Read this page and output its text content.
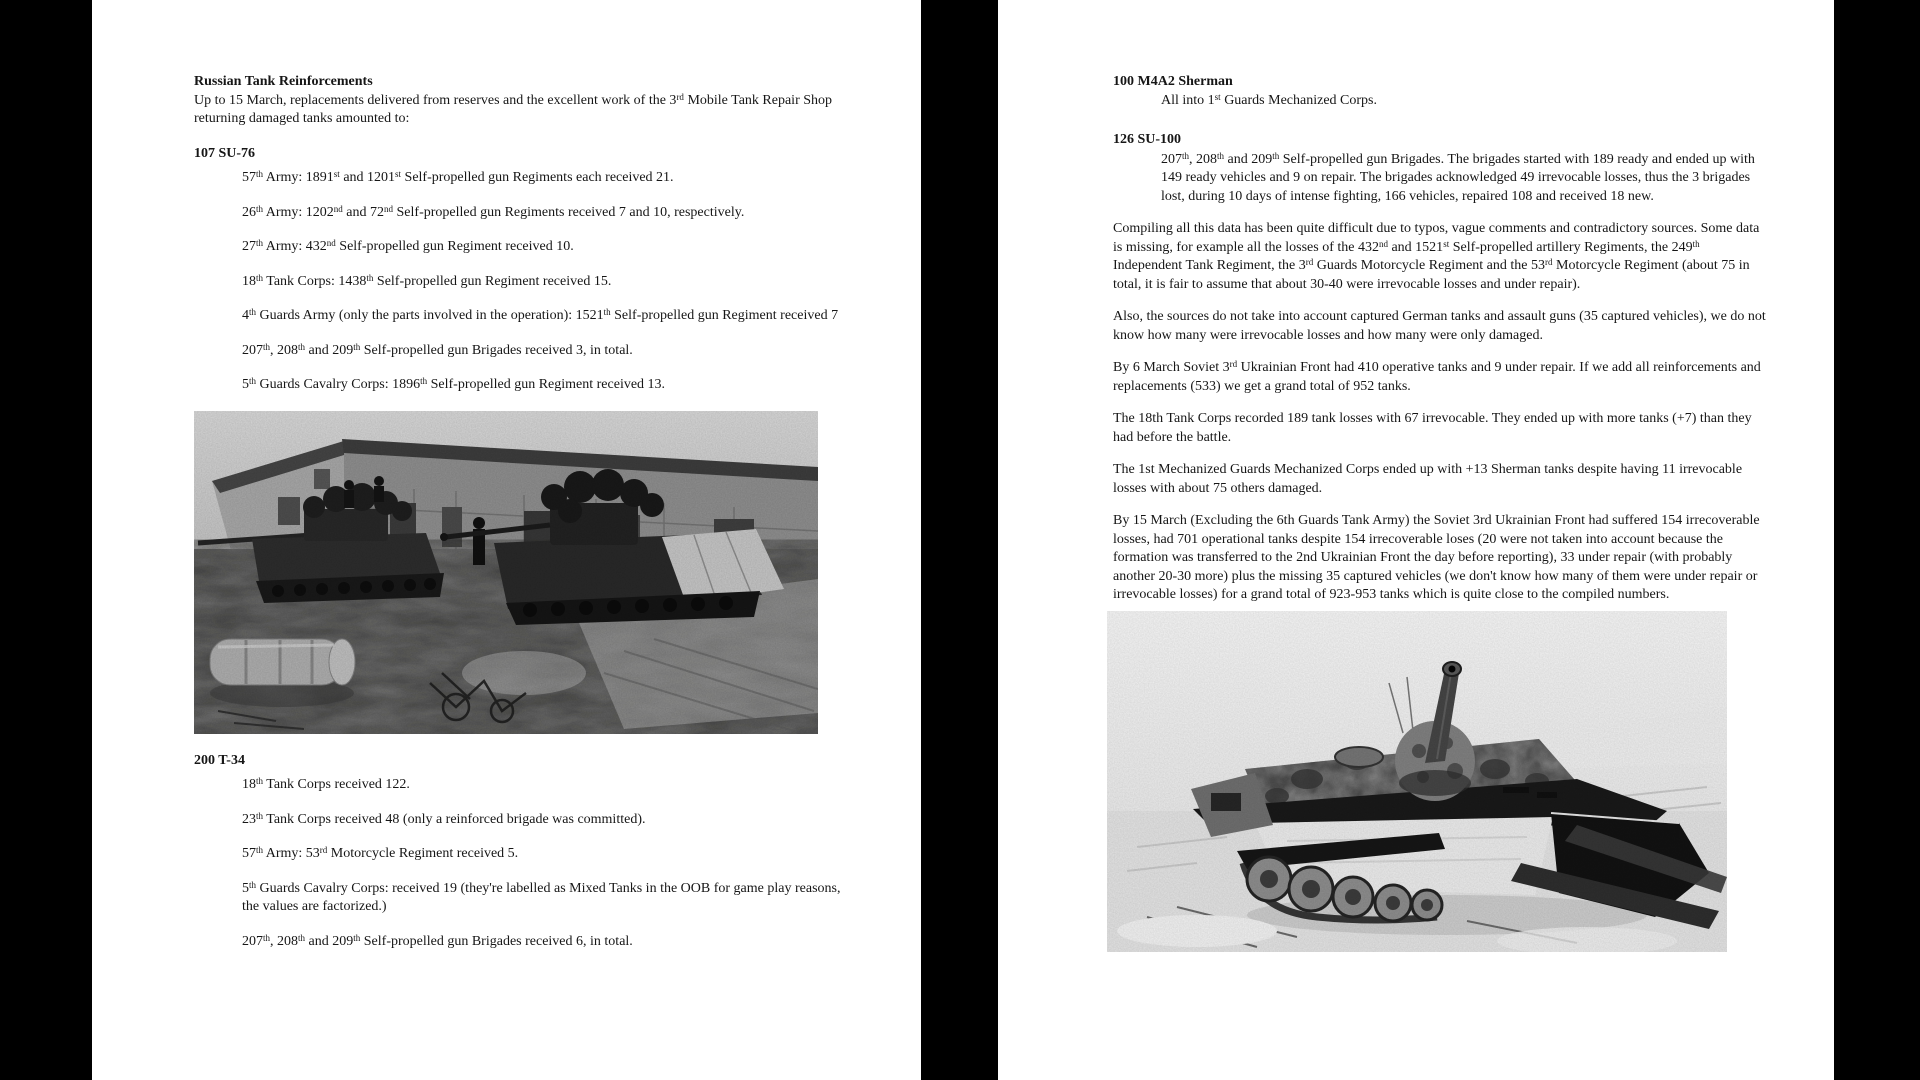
Russian Tank Reinforcements

Up to 15 March, replacements delivered from reserves and the excellent work of the 3rd Mobile Tank Repair Shop returning damaged tanks amounted to:

107 SU-76

57th Army: 1891st and 1201st Self-propelled gun Regiments each received 21.

26th Army: 1202nd and 72nd Self-propelled gun Regiments received 7 and 10, respectively.

27th Army: 432nd Self-propelled gun Regiment received 10.

18th Tank Corps: 1438th Self-propelled gun Regiment received 15.

4th Guards Army (only the parts involved in the operation): 1521th Self-propelled gun Regiment received 7

207th, 208th and 209th Self-propelled gun Brigades received 3, in total.

5th Guards Cavalry Corps: 1896th Self-propelled gun Regiment received 13.

200 T-34

18th Tank Corps received 122.

23th Tank Corps received 48 (only a reinforced brigade was committed).

57th Army: 53rd Motorcycle Regiment received 5.

5th Guards Cavalry Corps: received 19 (they're labelled as Mixed Tanks in the OOB for game play reasons, the values are factorized.)

207th, 208th and 209th Self-propelled gun Brigades received 6, in total.

100 M4A2 Sherman

All into 1st Guards Mechanized Corps.

126 SU-100

207th, 208th and 209th Self-propelled gun Brigades. The brigades started with 189 ready and ended up with 149 ready vehicles and 9 on repair. The brigades acknowledged 49 irrevocable losses, thus the 3 brigades lost, during 10 days of intense fighting, 166 vehicles, repaired 108 and received 18 new.

Compiling all this data has been quite difficult due to typos, vague comments and contradictory sources. Some data is missing, for example all the losses of the 432nd and 1521st Self-propelled artillery Regiments, the 249th Independent Tank Regiment, the 3rd Guards Motorcycle Regiment and the 53rd Motorcycle Regiment (about 75 in total, it is fair to assume that about 30-40 were irrevocable losses and under repair).

Also, the sources do not take into account captured German tanks and assault guns (35 captured vehicles), we do not know how many were irrevocable losses and how many were only damaged.

By 6 March Soviet 3rd Ukrainian Front had 410 operative tanks and 9 under repair. If we add all reinforcements and replacements (533) we get a grand total of 952 tanks.

The 18th Tank Corps recorded 189 tank losses with 67 irrevocable. They ended up with more tanks (+7) than they had before the battle.

The 1st Mechanized Guards Mechanized Corps ended up with +13 Sherman tanks despite having 11 irrevocable losses with about 75 others damaged.

By 15 March (Excluding the 6th Guards Tank Army) the Soviet 3rd Ukrainian Front had suffered 154 irrecoverable losses, had 701 operational tanks despite 154 irrecoverable loses (20 were not taken into account because the formation was transferred to the 2nd Ukrainian Front the day before reporting), 33 under repair (with probably another 20-30 more) plus the missing 35 captured vehicles (we don't know how many of them were under repair or irrevocable losses) for a grand total of 923-953 tanks which is quite close to the compiled numbers.
